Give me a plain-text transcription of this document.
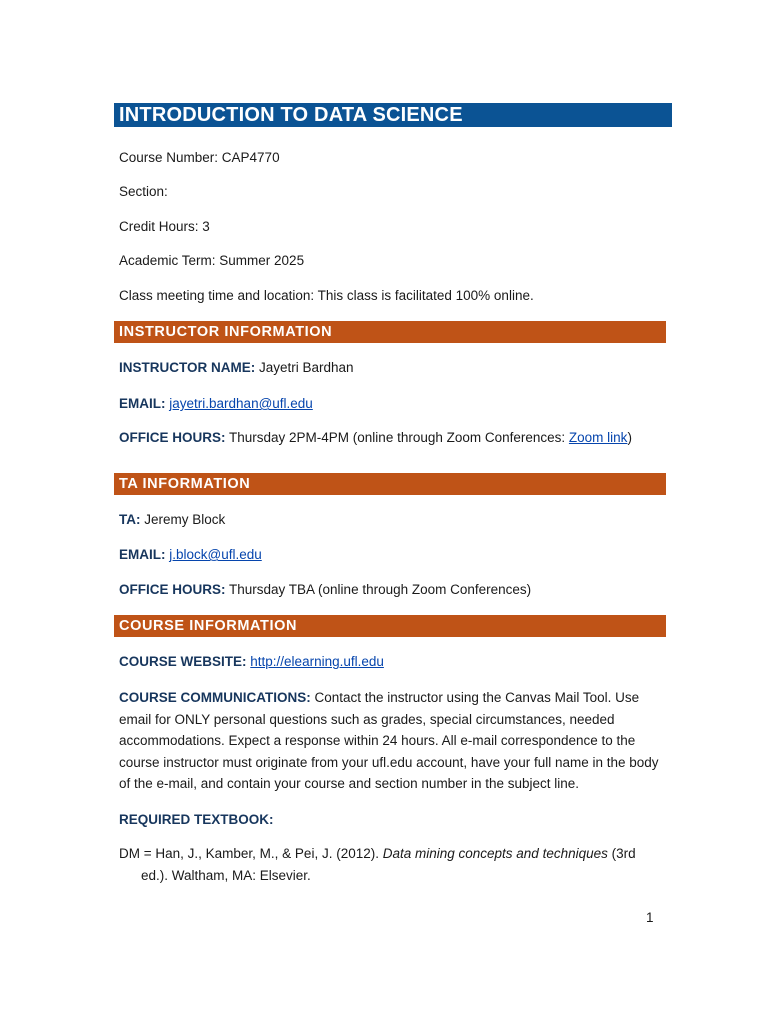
INTRODUCTION TO DATA SCIENCE
Course Number: CAP4770
Section:
Credit Hours: 3
Academic Term: Summer 2025
Class meeting time and location: This class is facilitated 100% online.
INSTRUCTOR INFORMATION
INSTRUCTOR NAME: Jayetri Bardhan
EMAIL: jayetri.bardhan@ufl.edu
OFFICE HOURS: Thursday 2PM-4PM (online through Zoom Conferences: Zoom link)
TA INFORMATION
TA: Jeremy Block
EMAIL: j.block@ufl.edu
OFFICE HOURS: Thursday TBA (online through Zoom Conferences)
COURSE INFORMATION
COURSE WEBSITE: http://elearning.ufl.edu
COURSE COMMUNICATIONS: Contact the instructor using the Canvas Mail Tool. Use email for ONLY personal questions such as grades, special circumstances, needed accommodations. Expect a response within 24 hours. All e-mail correspondence to the course instructor must originate from your ufl.edu account, have your full name in the body of the e-mail, and contain your course and section number in the subject line.
REQUIRED TEXTBOOK:
DM = Han, J., Kamber, M., & Pei, J. (2012). Data mining concepts and techniques (3rd ed.). Waltham, MA: Elsevier.
1
